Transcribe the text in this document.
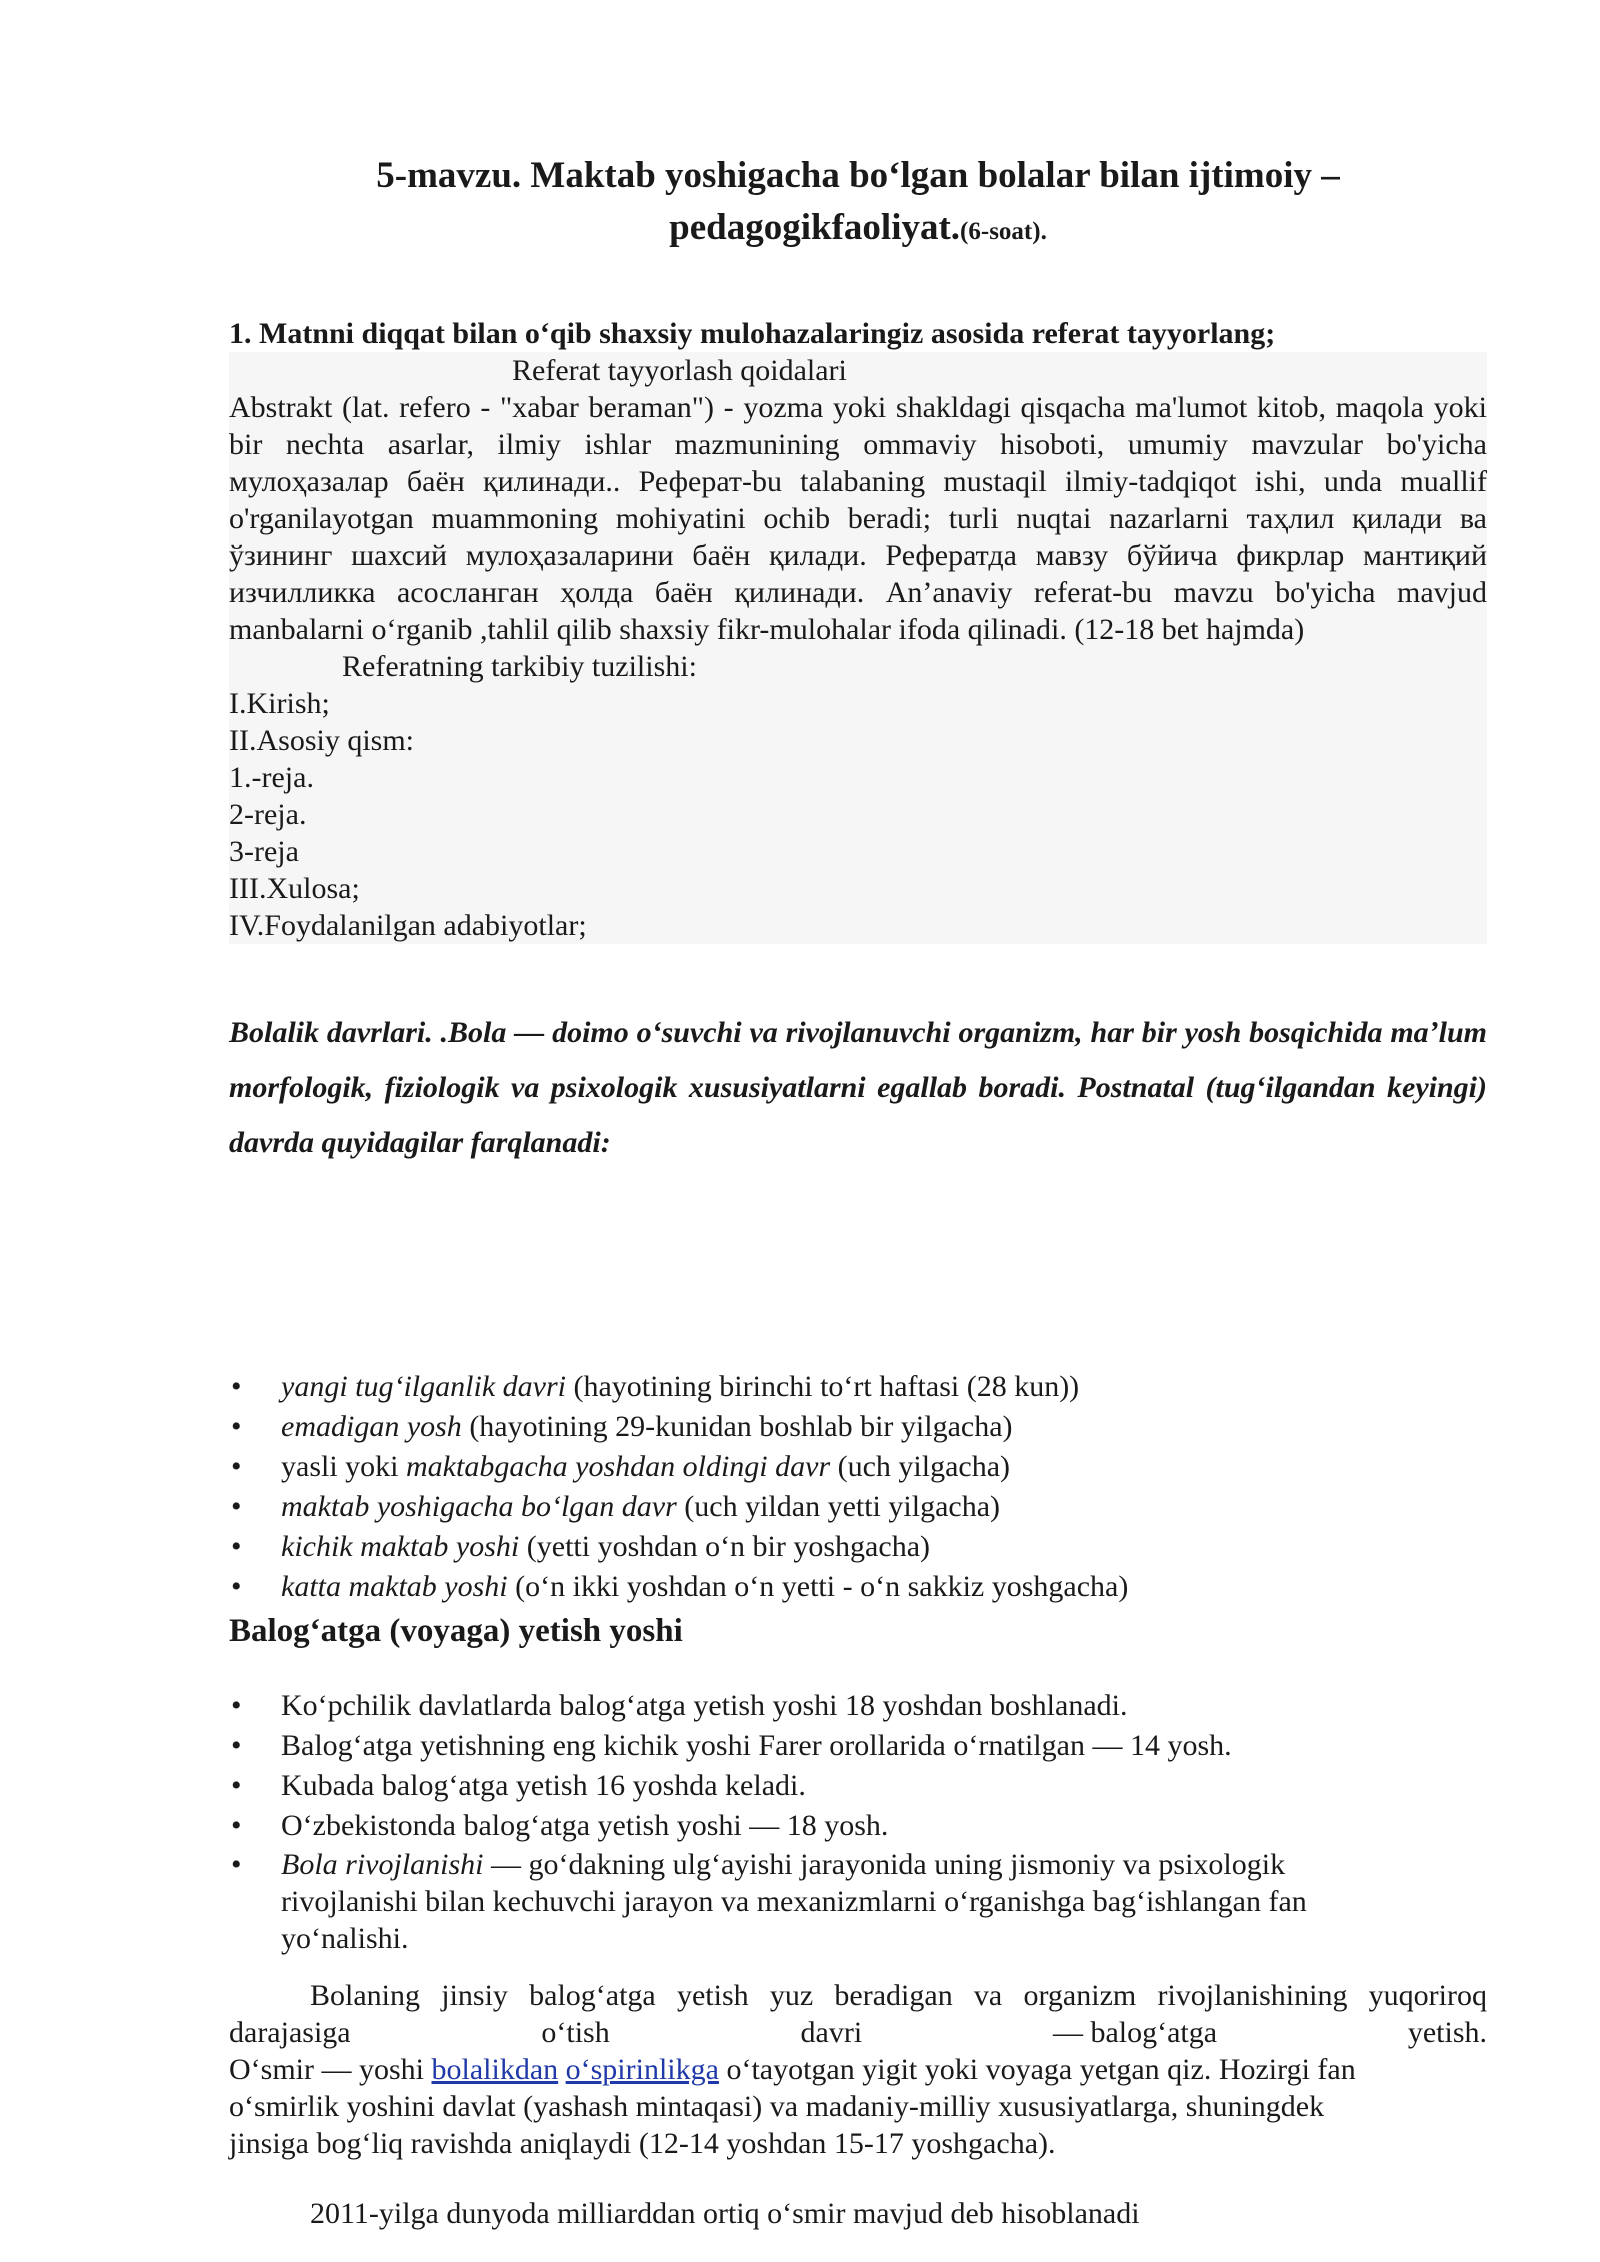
5-mavzu. Maktab yoshigacha boʻlgan bolalar bilan ijtimoiy –
pedagogikfaoliyat.(6-soat).

1. Matnni diqqat bilan oʻqib shaxsiy mulohazalaringiz asosida referat tayyorlang;

Referat tayyorlash qoidalari

Abstrakt (lat. refero - "xabar beraman") - yozma yoki shakldagi qisqacha ma'lumot kitob, maqola yoki bir nechta asarlar, ilmiy ishlar mazmunining ommaviy hisoboti, umumiy mavzular bo'yicha мулоҳазалар баён қилинади.. Реферат-bu talabaning mustaqil ilmiy-tadqiqot ishi, unda muallif o'rganilayotgan muammoning mohiyatini ochib beradi; turli nuqtai nazarlarni таҳлил қилади ва ўзининг шахсий мулоҳазаларини баён қилади. Рефератда мавзу бўйича фикрлар мантиқий изчилликка асосланган ҳолда баён қилинади. An’anaviy referat-bu mavzu bo'yicha mavjud manbalarni oʻrganib ,tahlil qilib shaxsiy fikr-mulohalar ifoda qilinadi. (12-18 bet hajmda)

Referatning tarkibiy tuzilishi:

I.Kirish;

II.Asosiy qism:

1.-reja.

2-reja.

3-reja

III.Xulosa;

IV.Foydalanilgan adabiyotlar;

Bolalik davrlari. .Bola — doimo oʻsuvchi va rivojlanuvchi organizm, har bir yosh bosqichida maʼlum morfologik, fiziologik va psixologik xususiyatlarni egallab boradi. Postnatal (tugʻilgandan keyingi) davrda quyidagilar farqlanadi:

• yangi tugʻilganlik davri (hayotining birinchi toʻrt haftasi (28 kun))
• emadigan yosh (hayotining 29-kunidan boshlab bir yilgacha)
• yasli yoki maktabgacha yoshdan oldingi davr (uch yilgacha)
• maktab yoshigacha boʻlgan davr (uch yildan yetti yilgacha)
• kichik maktab yoshi (yetti yoshdan oʻn bir yoshgacha)
• katta maktab yoshi (oʻn ikki yoshdan oʻn yetti - oʻn sakkiz yoshgacha)
Balogʻatga (voyaga) yetish yoshi
• Koʻpchilik davlatlarda balogʻatga yetish yoshi 18 yoshdan boshlanadi.
• Balogʻatga yetishning eng kichik yoshi Farer orollarida oʻrnatilgan — 14 yosh.
• Kubada balogʻatga yetish 16 yoshda keladi.
• Oʻzbekistonda balogʻatga yetish yoshi — 18 yosh.
• Bola rivojlanishi — goʻdakning ulgʻayishi jarayonida uning jismoniy va psixologik
rivojlanishi bilan kechuvchi jarayon va mexanizmlarni oʻrganishga bagʻishlangan fan
yoʻnalishi.
Bolaning jinsiy balogʻatga yetish yuz beradigan va organizm rivojlanishining yuqoriroq
darajasiga	oʻtish	davri	— balogʻatga	yetish.
Oʻsmir — yoshi bolalikdan oʻspirinlikga oʻtayotgan yigit yoki voyaga yetgan qiz. Hozirgi fan
oʻsmirlik yoshini davlat (yashash mintaqasi) va madaniy-milliy xususiyatlarga, shuningdek
jinsiga bogʻliq ravishda aniqlaydi (12-14 yoshdan 15-17 yoshgacha).

2011-yilga dunyoda milliarddan ortiq oʻsmir mavjud deb hisoblanadi
